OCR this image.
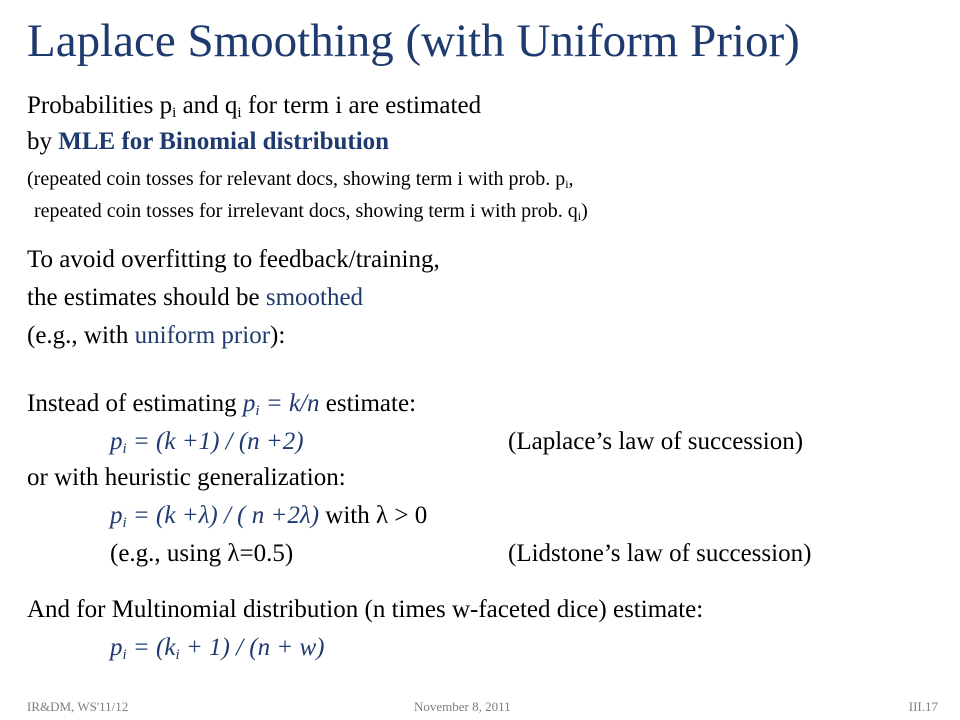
Laplace Smoothing (with Uniform Prior)
Probabilities $p_i$ and $q_i$ for term i are estimated
by MLE for Binomial distribution
(repeated coin tosses for relevant docs, showing term i with prob. $p_i$,
repeated coin tosses for irrelevant docs, showing term i with prob. $q_i$)
To avoid overfitting to feedback/training,
the estimates should be smoothed
(e.g., with uniform prior):
Instead of estimating $p_i = k/n$ estimate:
$p_i = (k +1) / (n +2)$	(Laplace’s law of succession)
or with heuristic generalization:
$p_i = (k +\lambda)$ / ( n +2λ) with λ > 0
(e.g., using λ=0.5)	(Lidstone’s law of succession)
And for Multinomial distribution (n times w-faceted dice) estimate:
$p_i = (k_i + 1) / (n + w)$
IR&DM, WS'11/12	November 8, 2011	III.17
